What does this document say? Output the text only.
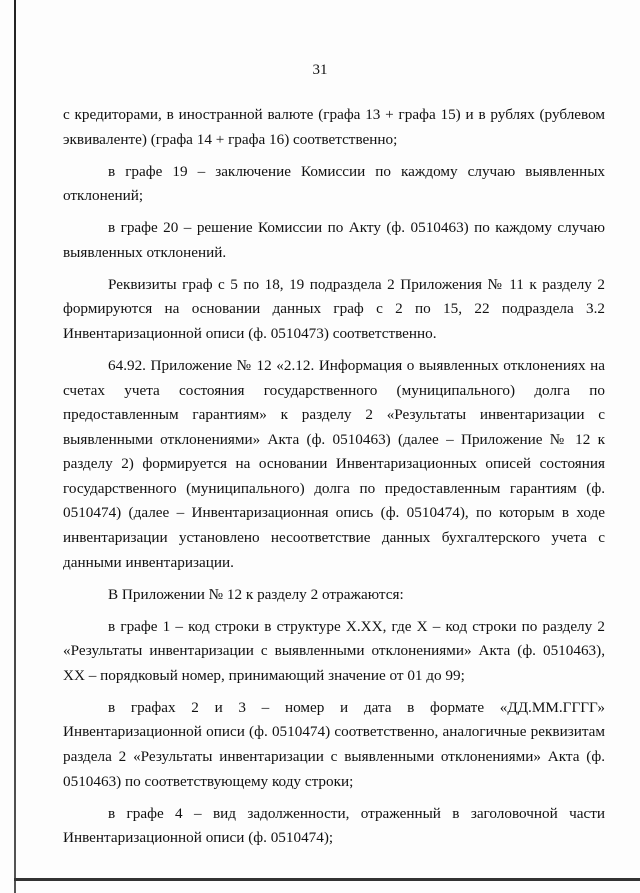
31

с кредиторами, в иностранной валюте (графа 13 + графа 15) и в рублях (рублевом эквиваленте) (графа 14 + графа 16) соответственно;

в графе 19 – заключение Комиссии по каждому случаю выявленных отклонений;

в графе 20 – решение Комиссии по Акту (ф. 0510463) по каждому случаю выявленных отклонений.

Реквизиты граф с 5 по 18, 19 подраздела 2 Приложения № 11 к разделу 2 формируются на основании данных граф с 2 по 15, 22 подраздела 3.2 Инвентаризационной описи (ф. 0510473) соответственно.

64.92. Приложение № 12 «2.12. Информация о выявленных отклонениях на счетах учета состояния государственного (муниципального) долга по предоставленным гарантиям» к разделу 2 «Результаты инвентаризации с выявленными отклонениями» Акта (ф. 0510463) (далее – Приложение № 12 к разделу 2) формируется на основании Инвентаризационных описей состояния государственного (муниципального) долга по предоставленным гарантиям (ф. 0510474) (далее – Инвентаризационная опись (ф. 0510474), по которым в ходе инвентаризации установлено несоответствие данных бухгалтерского учета с данными инвентаризации.

В Приложении № 12 к разделу 2 отражаются:

в графе 1 – код строки в структуре X.XX, где X – код строки по разделу 2 «Результаты инвентаризации с выявленными отклонениями» Акта (ф. 0510463), XX – порядковый номер, принимающий значение от 01 до 99;

в графах 2 и 3 – номер и дата в формате «ДД.ММ.ГГГГ» Инвентаризационной описи (ф. 0510474) соответственно, аналогичные реквизитам раздела 2 «Результаты инвентаризации с выявленными отклонениями» Акта (ф. 0510463) по соответствующему коду строки;

в графе 4 – вид задолженности, отраженный в заголовочной части Инвентаризационной описи (ф. 0510474);
